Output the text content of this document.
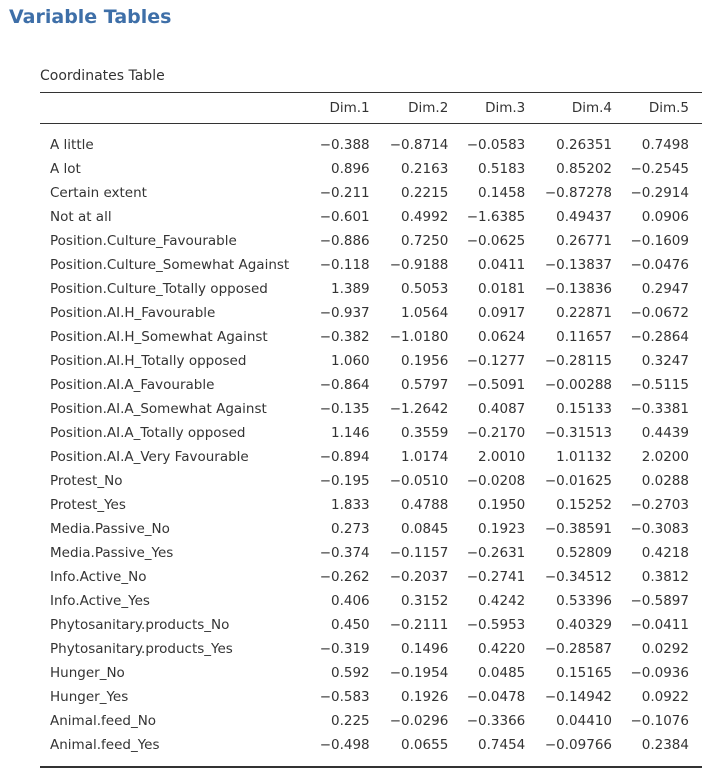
Variable Tables
Coordinates Table
	Dim.1	Dim.2	Dim.3	Dim.4	Dim.5

A little	−0.388	−0.8714	−0.0583	0.26351	0.7498
A lot	0.896	0.2163	0.5183	0.85202	−0.2545
Certain extent	−0.211	0.2215	0.1458	−0.87278	−0.2914
Not at all	−0.601	0.4992	−1.6385	0.49437	0.0906
Position.Culture_Favourable	−0.886	0.7250	−0.0625	0.26771	−0.1609
Position.Culture_Somewhat Against	−0.118	−0.9188	0.0411	−0.13837	−0.0476
Position.Culture_Totally opposed	1.389	0.5053	0.0181	−0.13836	0.2947
Position.AI.H_Favourable	−0.937	1.0564	0.0917	0.22871	−0.0672
Position.AI.H_Somewhat Against	−0.382	−1.0180	0.0624	0.11657	−0.2864
Position.AI.H_Totally opposed	1.060	0.1956	−0.1277	−0.28115	0.3247
Position.AI.A_Favourable	−0.864	0.5797	−0.5091	−0.00288	−0.5115
Position.AI.A_Somewhat Against	−0.135	−1.2642	0.4087	0.15133	−0.3381
Position.AI.A_Totally opposed	1.146	0.3559	−0.2170	−0.31513	0.4439
Position.AI.A_Very Favourable	−0.894	1.0174	2.0010	1.01132	2.0200
Protest_No	−0.195	−0.0510	−0.0208	−0.01625	0.0288
Protest_Yes	1.833	0.4788	0.1950	0.15252	−0.2703
Media.Passive_No	0.273	0.0845	0.1923	−0.38591	−0.3083
Media.Passive_Yes	−0.374	−0.1157	−0.2631	0.52809	0.4218
Info.Active_No	−0.262	−0.2037	−0.2741	−0.34512	0.3812
Info.Active_Yes	0.406	0.3152	0.4242	0.53396	−0.5897
Phytosanitary.products_No	0.450	−0.2111	−0.5953	0.40329	−0.0411
Phytosanitary.products_Yes	−0.319	0.1496	0.4220	−0.28587	0.0292
Hunger_No	0.592	−0.1954	0.0485	0.15165	−0.0936
Hunger_Yes	−0.583	0.1926	−0.0478	−0.14942	0.0922
Animal.feed_No	0.225	−0.0296	−0.3366	0.04410	−0.1076
Animal.feed_Yes	−0.498	0.0655	0.7454	−0.09766	0.2384
